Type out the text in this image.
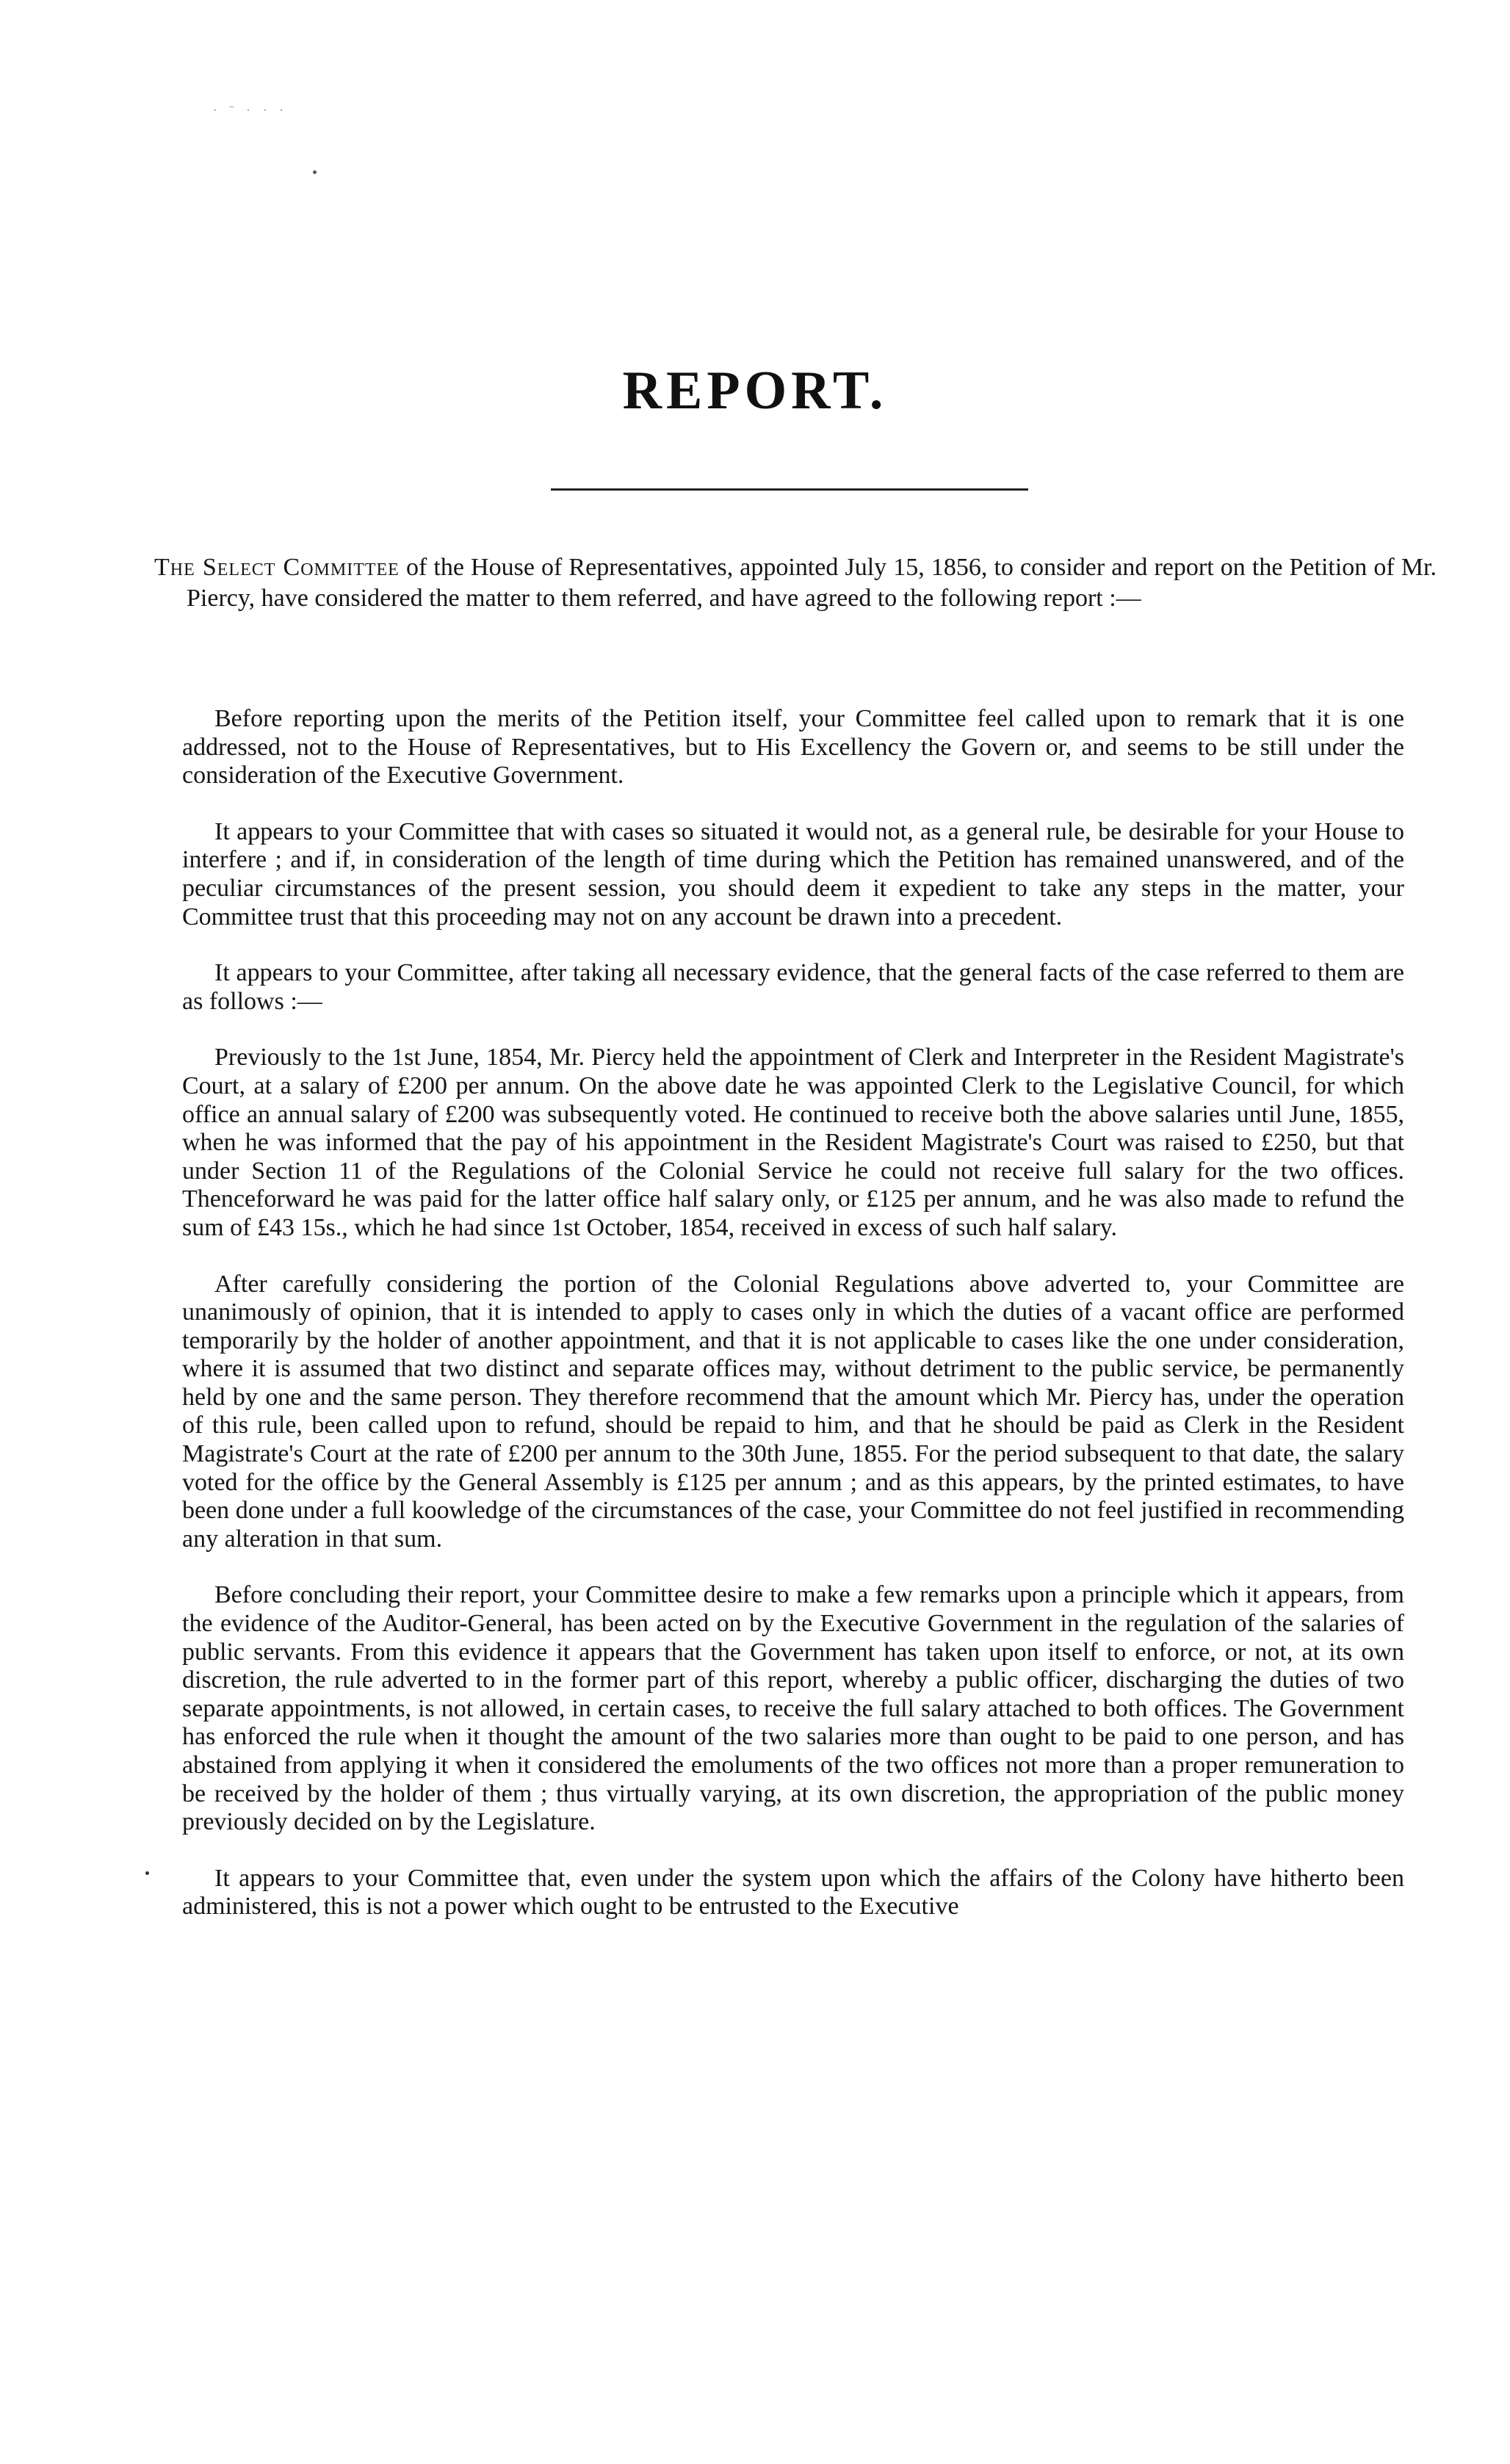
· ˉ · · ·
REPORT.

The Select Committee of the House of Representatives, appointed July 15, 1856, to consider and report on the Petition of Mr. Piercy, have considered the matter to them referred, and have agreed to the following report :—

Before reporting upon the merits of the Petition itself, your Committee feel called upon to remark that it is one addressed, not to the House of Representatives, but to His Excellency the Govern or, and seems to be still under the consideration of the Executive Government.

It appears to your Committee that with cases so situated it would not, as a general rule, be desirable for your House to interfere ; and if, in consideration of the length of time during which the Petition has remained unanswered, and of the peculiar circumstances of the present session, you should deem it expedient to take any steps in the matter, your Committee trust that this proceeding may not on any account be drawn into a precedent.

It appears to your Committee, after taking all necessary evidence, that the general facts of the case referred to them are as follows :—

Previously to the 1st June, 1854, Mr. Piercy held the appointment of Clerk and Interpreter in the Resident Magistrate's Court, at a salary of £200 per annum. On the above date he was appointed Clerk to the Legislative Council, for which office an annual salary of £200 was subsequently voted. He continued to receive both the above salaries until June, 1855, when he was informed that the pay of his appointment in the Resident Magistrate's Court was raised to £250, but that under Section 11 of the Regulations of the Colonial Service he could not receive full salary for the two offices. Thenceforward he was paid for the latter office half salary only, or £125 per annum, and he was also made to refund the sum of £43 15s., which he had since 1st October, 1854, received in excess of such half salary.

After carefully considering the portion of the Colonial Regulations above adverted to, your Committee are unanimously of opinion, that it is intended to apply to cases only in which the duties of a vacant office are performed temporarily by the holder of another appointment, and that it is not applicable to cases like the one under consideration, where it is assumed that two distinct and separate offices may, without detriment to the public service, be permanently held by one and the same person. They therefore recommend that the amount which Mr. Piercy has, under the operation of this rule, been called upon to refund, should be repaid to him, and that he should be paid as Clerk in the Resident Magistrate's Court at the rate of £200 per annum to the 30th June, 1855. For the period subsequent to that date, the salary voted for the office by the General Assembly is £125 per annum ; and as this appears, by the printed estimates, to have been done under a full koowledge of the circumstances of the case, your Committee do not feel justified in recommending any alteration in that sum.

Before concluding their report, your Committee desire to make a few remarks upon a principle which it appears, from the evidence of the Auditor-General, has been acted on by the Executive Government in the regulation of the salaries of public servants. From this evidence it appears that the Government has taken upon itself to enforce, or not, at its own discretion, the rule adverted to in the former part of this report, whereby a public officer, discharging the duties of two separate appointments, is not allowed, in certain cases, to receive the full salary attached to both offices. The Government has enforced the rule when it thought the amount of the two salaries more than ought to be paid to one person, and has abstained from applying it when it considered the emoluments of the two offices not more than a proper remuneration to be received by the holder of them ; thus virtually varying, at its own discretion, the appropriation of the public money previously decided on by the Legislature.

It appears to your Committee that, even under the system upon which the affairs of the Colony have hitherto been administered, this is not a power which ought to be entrusted to the Executive
